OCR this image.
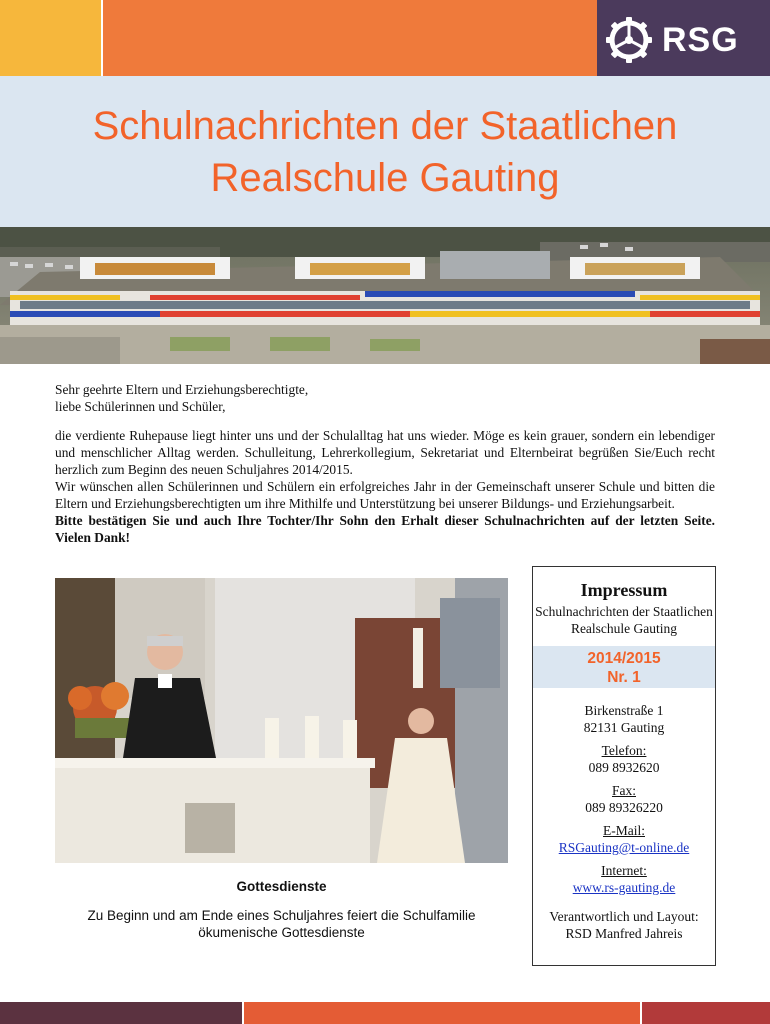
RSG
Schulnachrichten der Staatlichen
Realschule Gauting

Sehr geehrte Eltern und Erziehungsberechtigte,

liebe Schülerinnen und Schüler,

die verdiente Ruhepause liegt hinter uns und der Schulalltag hat uns wieder. Möge es kein grauer, sondern ein lebendiger und menschlicher Alltag werden. Schulleitung, Lehrerkollegium, Sekretariat und Elternbeirat begrüßen Sie/Euch recht herzlich zum Beginn des neuen Schuljahres 2014/2015.

Wir wünschen allen Schülerinnen und Schülern ein erfolgreiches Jahr in der Gemeinschaft unserer Schule und bitten die Eltern und Erziehungsberechtigten um ihre Mithilfe und Unterstützung bei unserer Bildungs- und Erziehungsarbeit.

Bitte bestätigen Sie und auch Ihre Tochter/Ihr Sohn den Erhalt dieser Schulnachrichten auf der letzten Seite. Vielen Dank!

Gottesdienste
Zu Beginn und am Ende eines Schuljahres feiert die Schulfamilie ökumenische Gottesdienste
Impressum
Schulnachrichten der Staatlichen Realschule Gauting
2014/2015
Nr. 1
Birkenstraße 1
82131 Gauting
Telefon:
089 8932620
Fax:
089 89326220
E-Mail:
RSGauting@t-online.de
Internet:
www.rs-gauting.de
Verantwortlich und Layout:
RSD Manfred Jahreis
